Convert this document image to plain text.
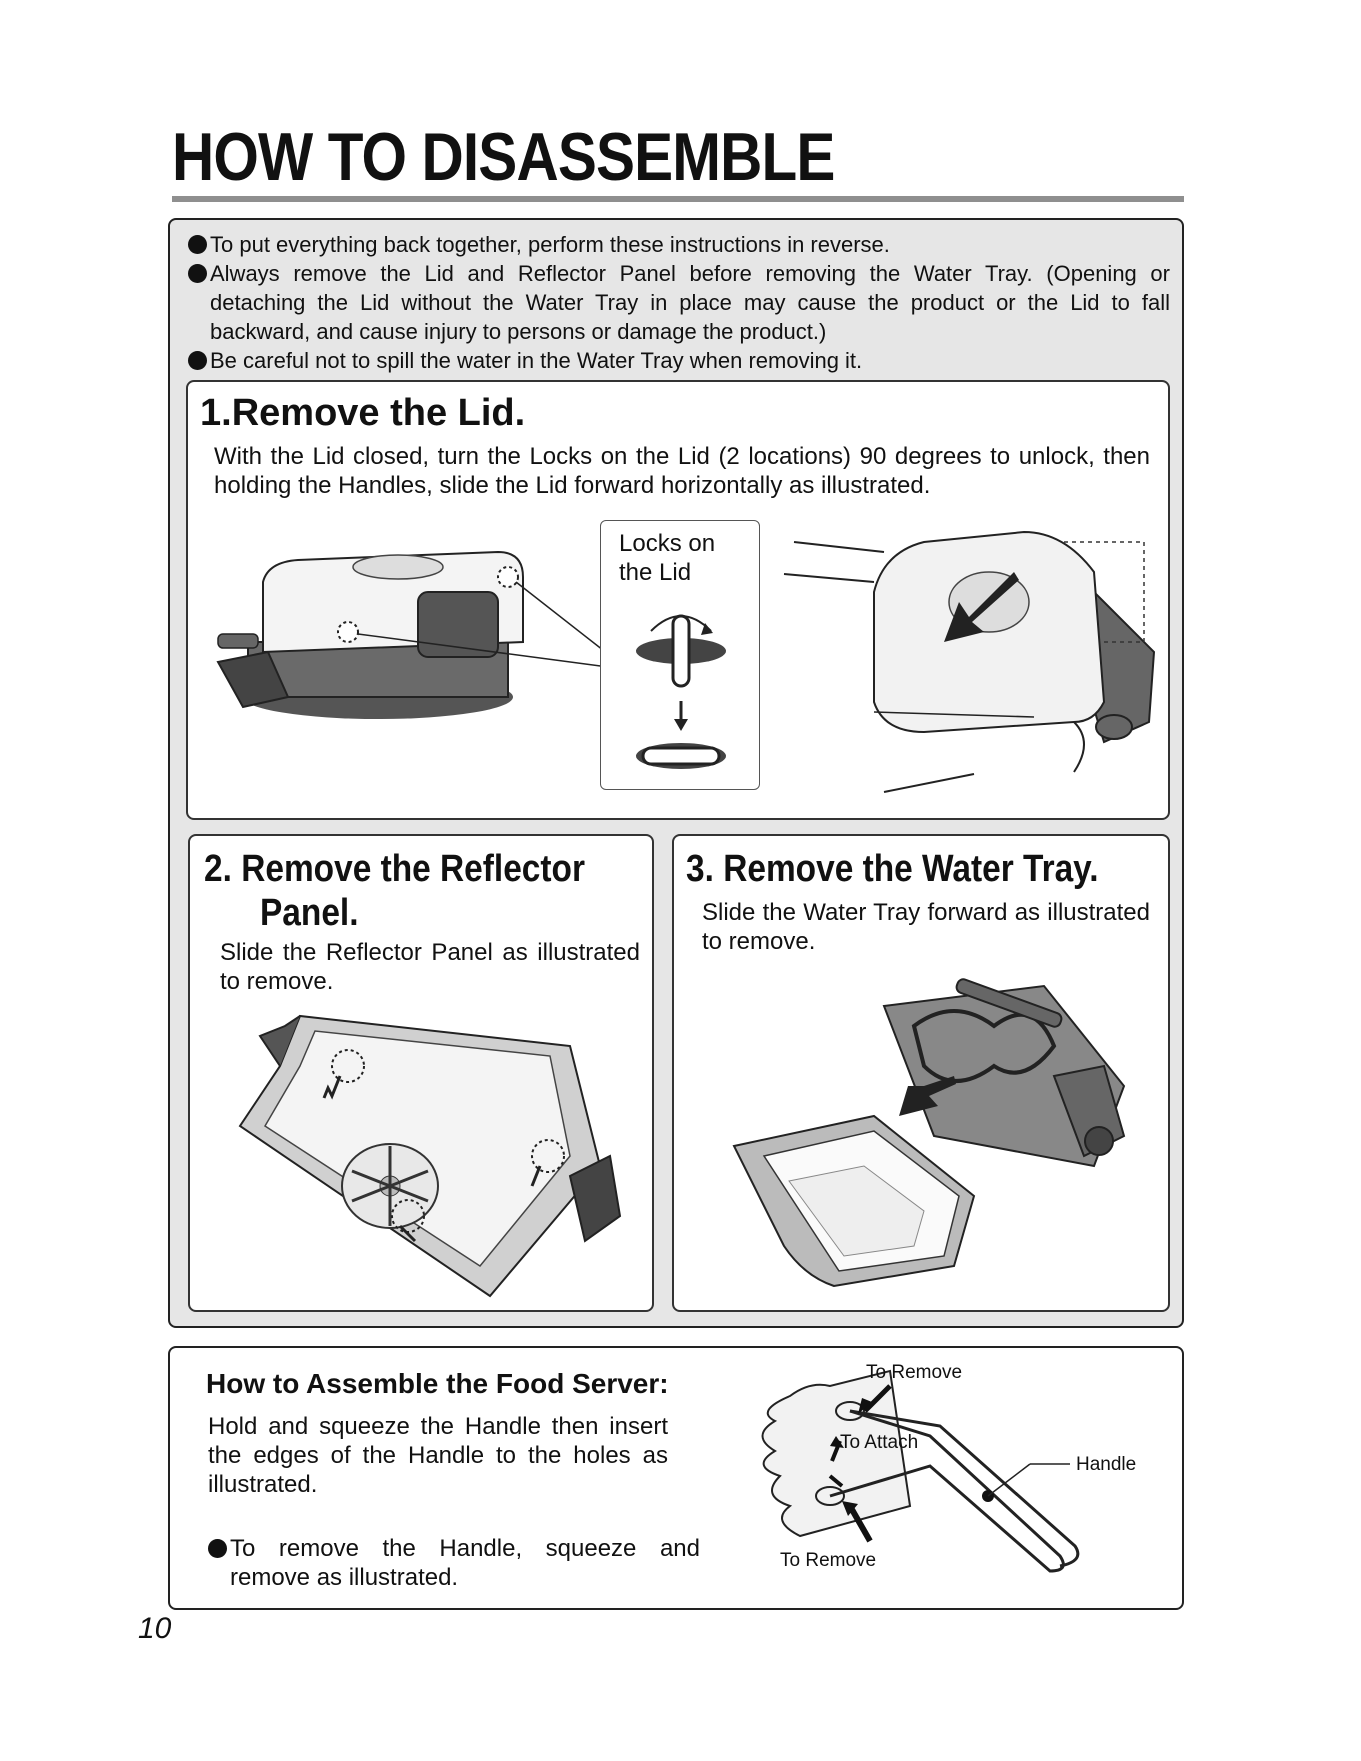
HOW TO DISASSEMBLE

To put everything back together, perform these instructions in reverse.

Always remove the Lid and Reflector Panel before removing the Water Tray. (Opening or detaching the Lid without the Water Tray in place may cause the product or the Lid to fall backward, and cause injury to persons or damage the product.)

Be careful not to spill the water in the Water Tray when removing it.

1.Remove the Lid.
With the Lid closed, turn the Locks on the Lid (2 locations) 90 degrees to unlock, then holding the Handles, slide the Lid forward horizontally as illustrated.
Locks on the Lid
2. Remove the Reflector
Panel.
Slide the Reflector Panel as illustrated to remove.
3. Remove the Water Tray.
Slide the Water Tray forward as illustrated to remove.
How to Assemble the Food Server:
Hold and squeeze the Handle then insert the edges of the Handle to the holes as illustrated.
To remove the Handle, squeeze and remove as illustrated.
To Remove
To Attach
Handle
To Remove
10
